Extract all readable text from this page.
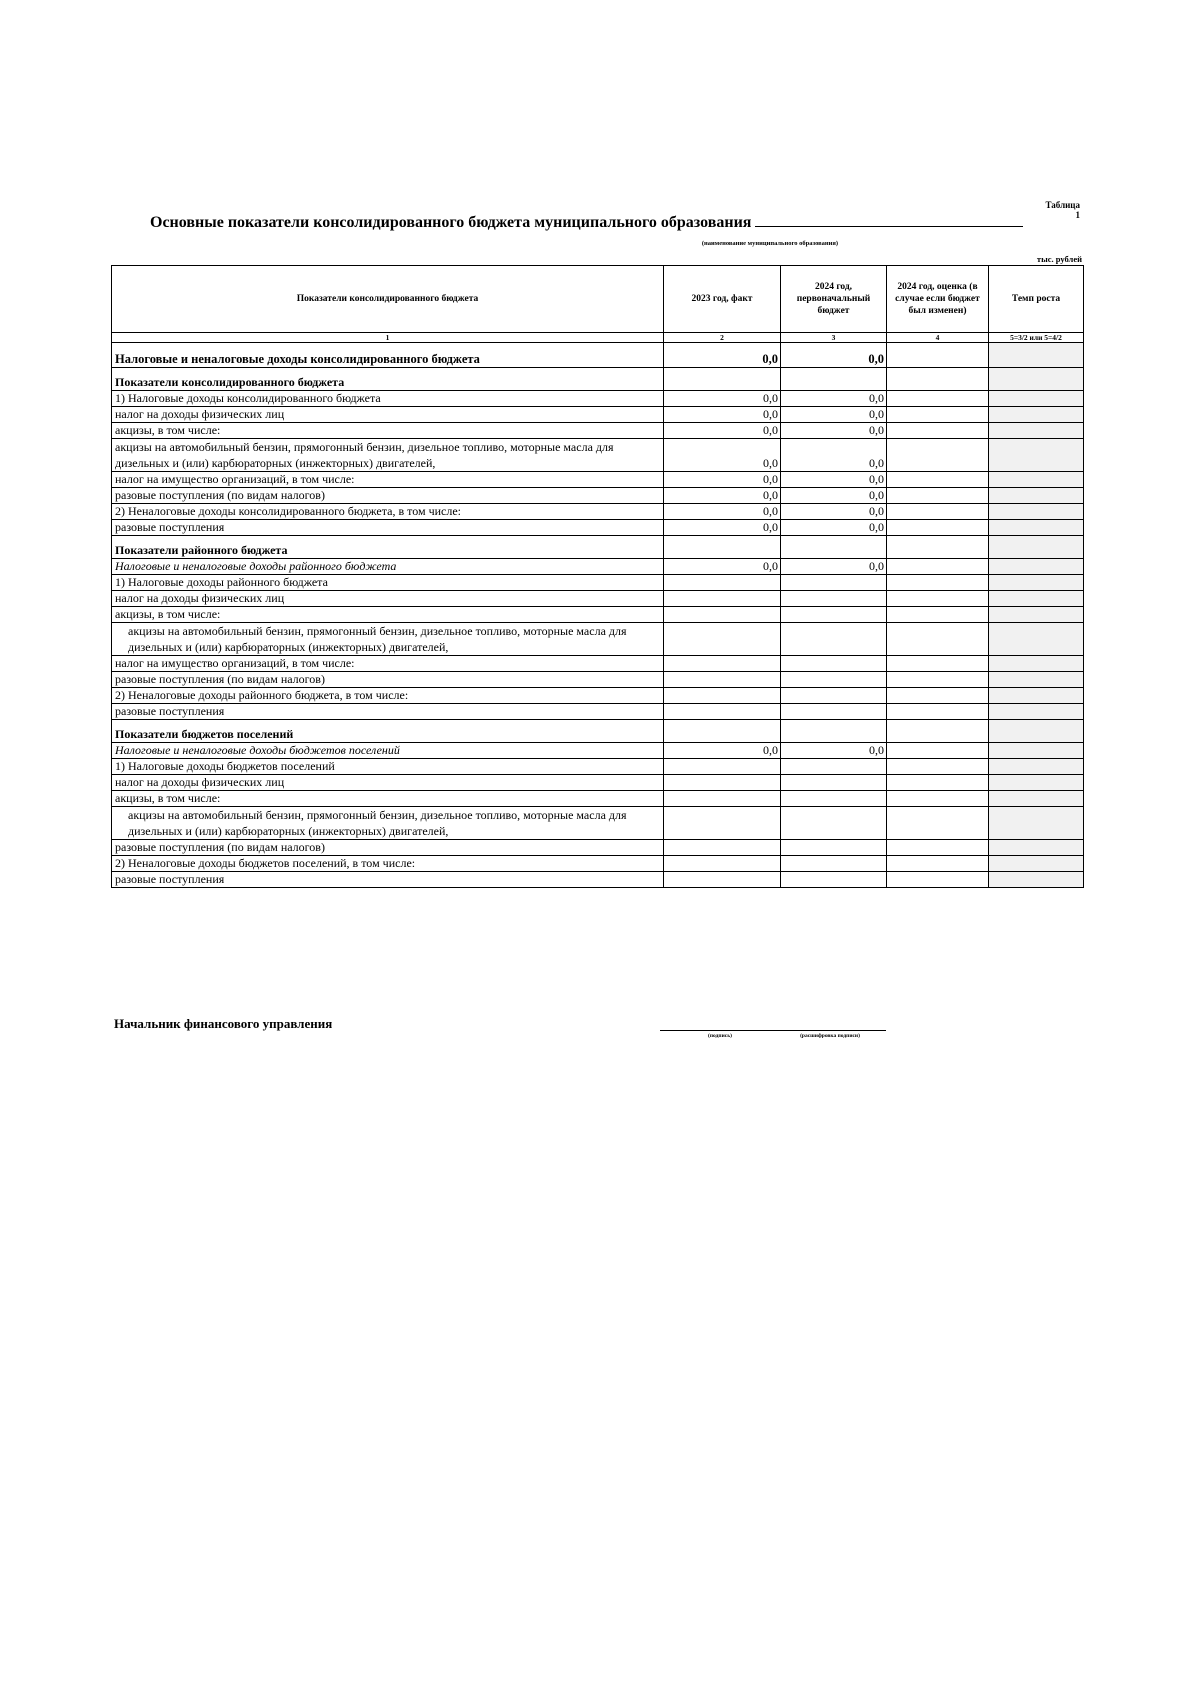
Таблица 1
Основные показатели консолидированного бюджета муниципального образования
(наименование муниципального образования)
тыс. рублей
Показатели консолидированного бюджета	2023 год, факт	2024 год, первоначальный бюджет	2024 год, оценка (в случае если бюджет был изменен)	Темп роста
1	2	3	4	5=3/2 или 5=4/2
Налоговые и неналоговые доходы консолидированного бюджета	0,0	0,0		
Показатели консолидированного бюджета				
1) Налоговые доходы консолидированного бюджета	0,0	0,0		
налог на доходы физических лиц	0,0	0,0		
акцизы, в том числе:	0,0	0,0		
акцизы на автомобильный бензин, прямогонный бензин, дизельное топливо, моторные масла для дизельных и (или) карбюраторных (инжекторных) двигателей,	0,0	0,0		
налог на имущество организаций, в том числе:	0,0	0,0		
разовые поступления (по видам налогов)	0,0	0,0		
2) Неналоговые доходы консолидированного бюджета, в том числе:	0,0	0,0		
разовые поступления	0,0	0,0		
Показатели районного бюджета				
Налоговые и неналоговые доходы районного бюджета	0,0	0,0		
1) Налоговые доходы районного бюджета				
налог на доходы физических лиц				
акцизы, в том числе:				
акцизы на автомобильный бензин, прямогонный бензин, дизельное топливо, моторные масла для дизельных и (или) карбюраторных (инжекторных) двигателей,				
налог на имущество организаций, в том числе:				
разовые поступления (по видам налогов)				
2) Неналоговые доходы районного бюджета, в том числе:				
разовые поступления				
Показатели бюджетов поселений				
Налоговые и неналоговые доходы бюджетов поселений	0,0	0,0		
1) Налоговые доходы бюджетов поселений				
налог на доходы физических лиц				
акцизы, в том числе:				
акцизы на автомобильный бензин, прямогонный бензин, дизельное топливо, моторные масла для дизельных и (или) карбюраторных (инжекторных) двигателей,				
разовые поступления (по видам налогов)				
2) Неналоговые доходы бюджетов поселений, в том числе:				
разовые поступления				
Начальник финансового управления
(подпись)	(расшифровка подписи)
